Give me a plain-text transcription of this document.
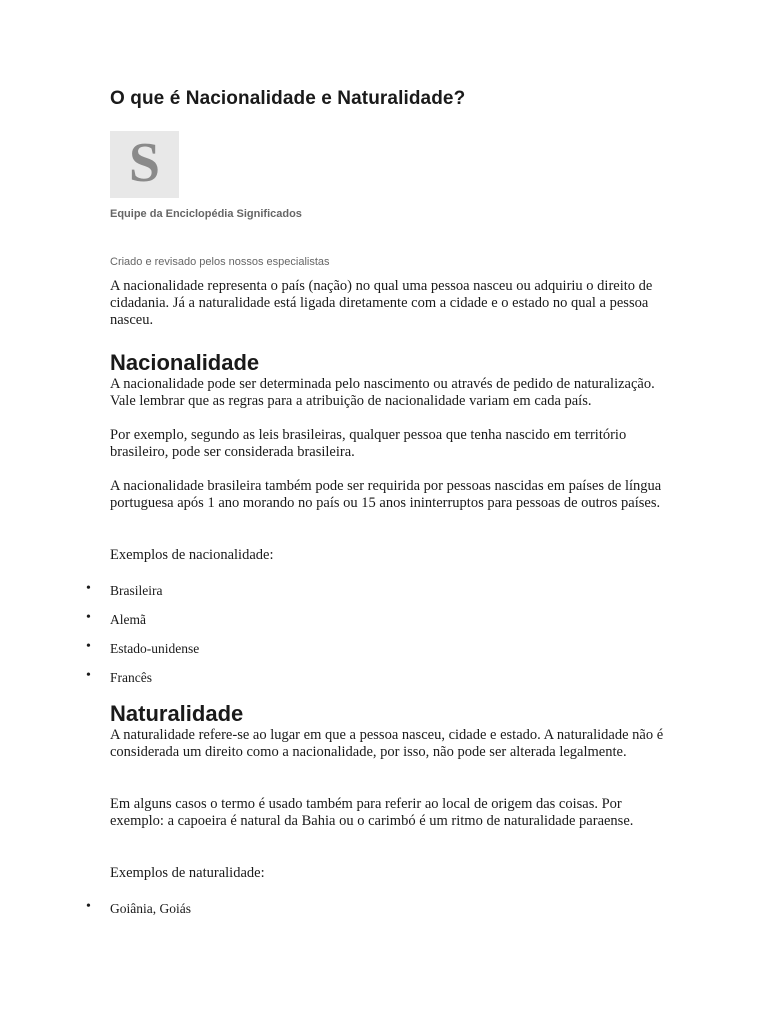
O que é Nacionalidade e Naturalidade?
S
Equipe da Enciclopédia Significados
Criado e revisado pelos nossos especialistas

A nacionalidade representa o país (nação) no qual uma pessoa nasceu ou adquiriu o direito de cidadania. Já a naturalidade está ligada diretamente com a cidade e o estado no qual a pessoa nasceu.

Nacionalidade

A nacionalidade pode ser determinada pelo nascimento ou através de pedido de naturalização. Vale lembrar que as regras para a atribuição de nacionalidade variam em cada país.

Por exemplo, segundo as leis brasileiras, qualquer pessoa que tenha nascido em território brasileiro, pode ser considerada brasileira.

A nacionalidade brasileira também pode ser requirida por pessoas nascidas em países de língua portuguesa após 1 ano morando no país ou 15 anos ininterruptos para pessoas de outros países.

Exemplos de nacionalidade:

• Brasileira
• Alemã
• Estado-unidense
• Francês
Naturalidade

A naturalidade refere-se ao lugar em que a pessoa nasceu, cidade e estado. A naturalidade não é considerada um direito como a nacionalidade, por isso, não pode ser alterada legalmente.

Em alguns casos o termo é usado também para referir ao local de origem das coisas. Por exemplo: a capoeira é natural da Bahia ou o carimbó é um ritmo de naturalidade paraense.

Exemplos de naturalidade:

• Goiânia, Goiás
